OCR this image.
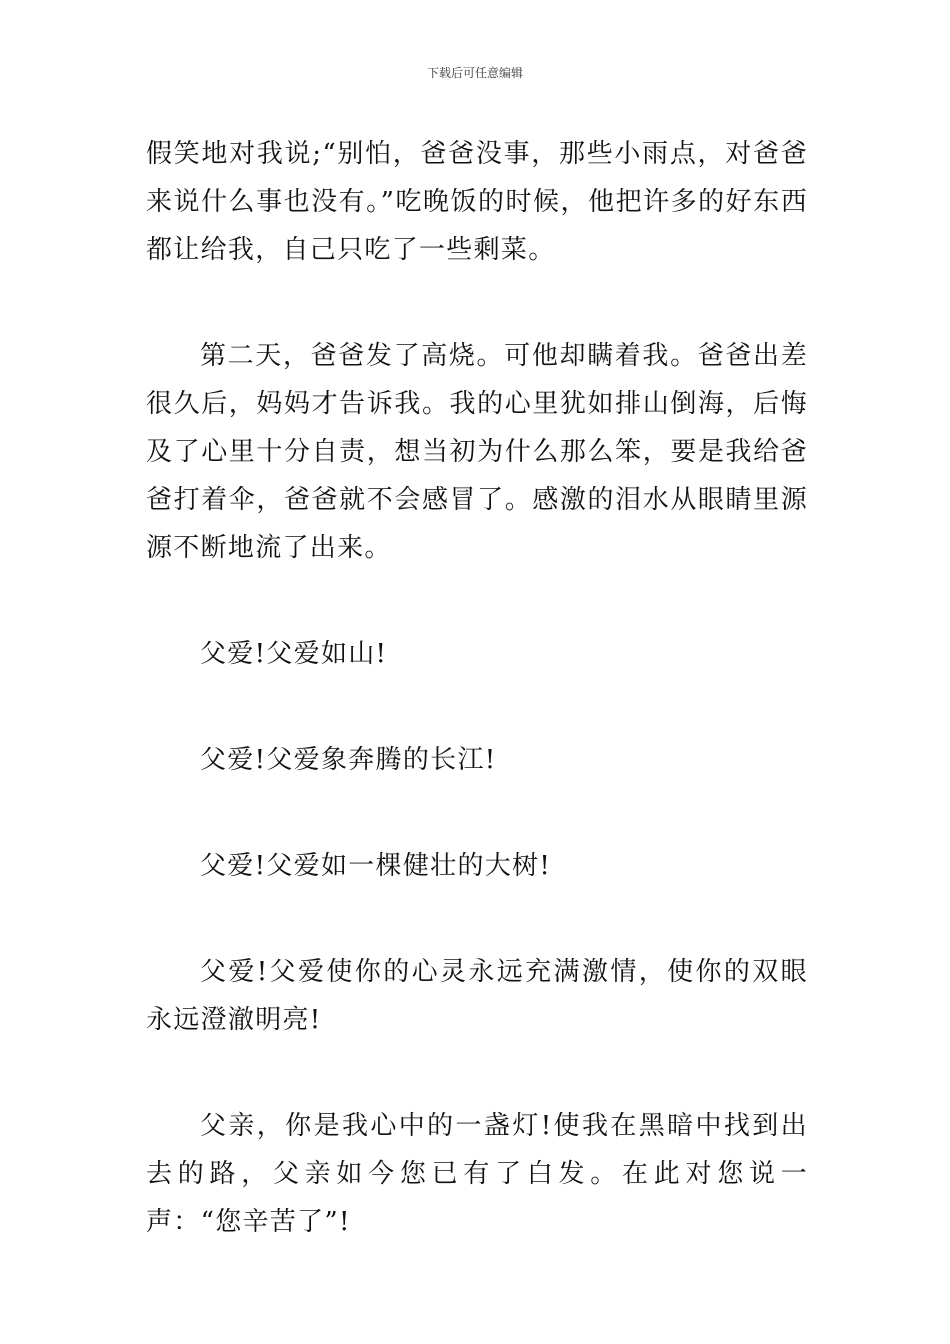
下载后可任意编辑

假笑地对我说;“别怕，爸爸没事，那些小雨点，对爸爸来说什么事也没有。”吃晚饭的时候，他把许多的好东西都让给我，自己只吃了一些剩菜。

第二天，爸爸发了高烧。可他却瞒着我。爸爸出差很久后，妈妈才告诉我。我的心里犹如排山倒海，后悔及了心里十分自责，想当初为什么那么笨，要是我给爸爸打着伞，爸爸就不会感冒了。感激的泪水从眼睛里源源不断地流了出来。

父爱!父爱如山!

父爱!父爱象奔腾的长江!

父爱!父爱如一棵健壮的大树!

父爱!父爱使你的心灵永远充满激情，使你的双眼永远澄澈明亮!

父亲，你是我心中的一盏灯!使我在黑暗中找到出去的路，父亲如今您已有了白发。在此对您说一声：“您辛苦了”!
